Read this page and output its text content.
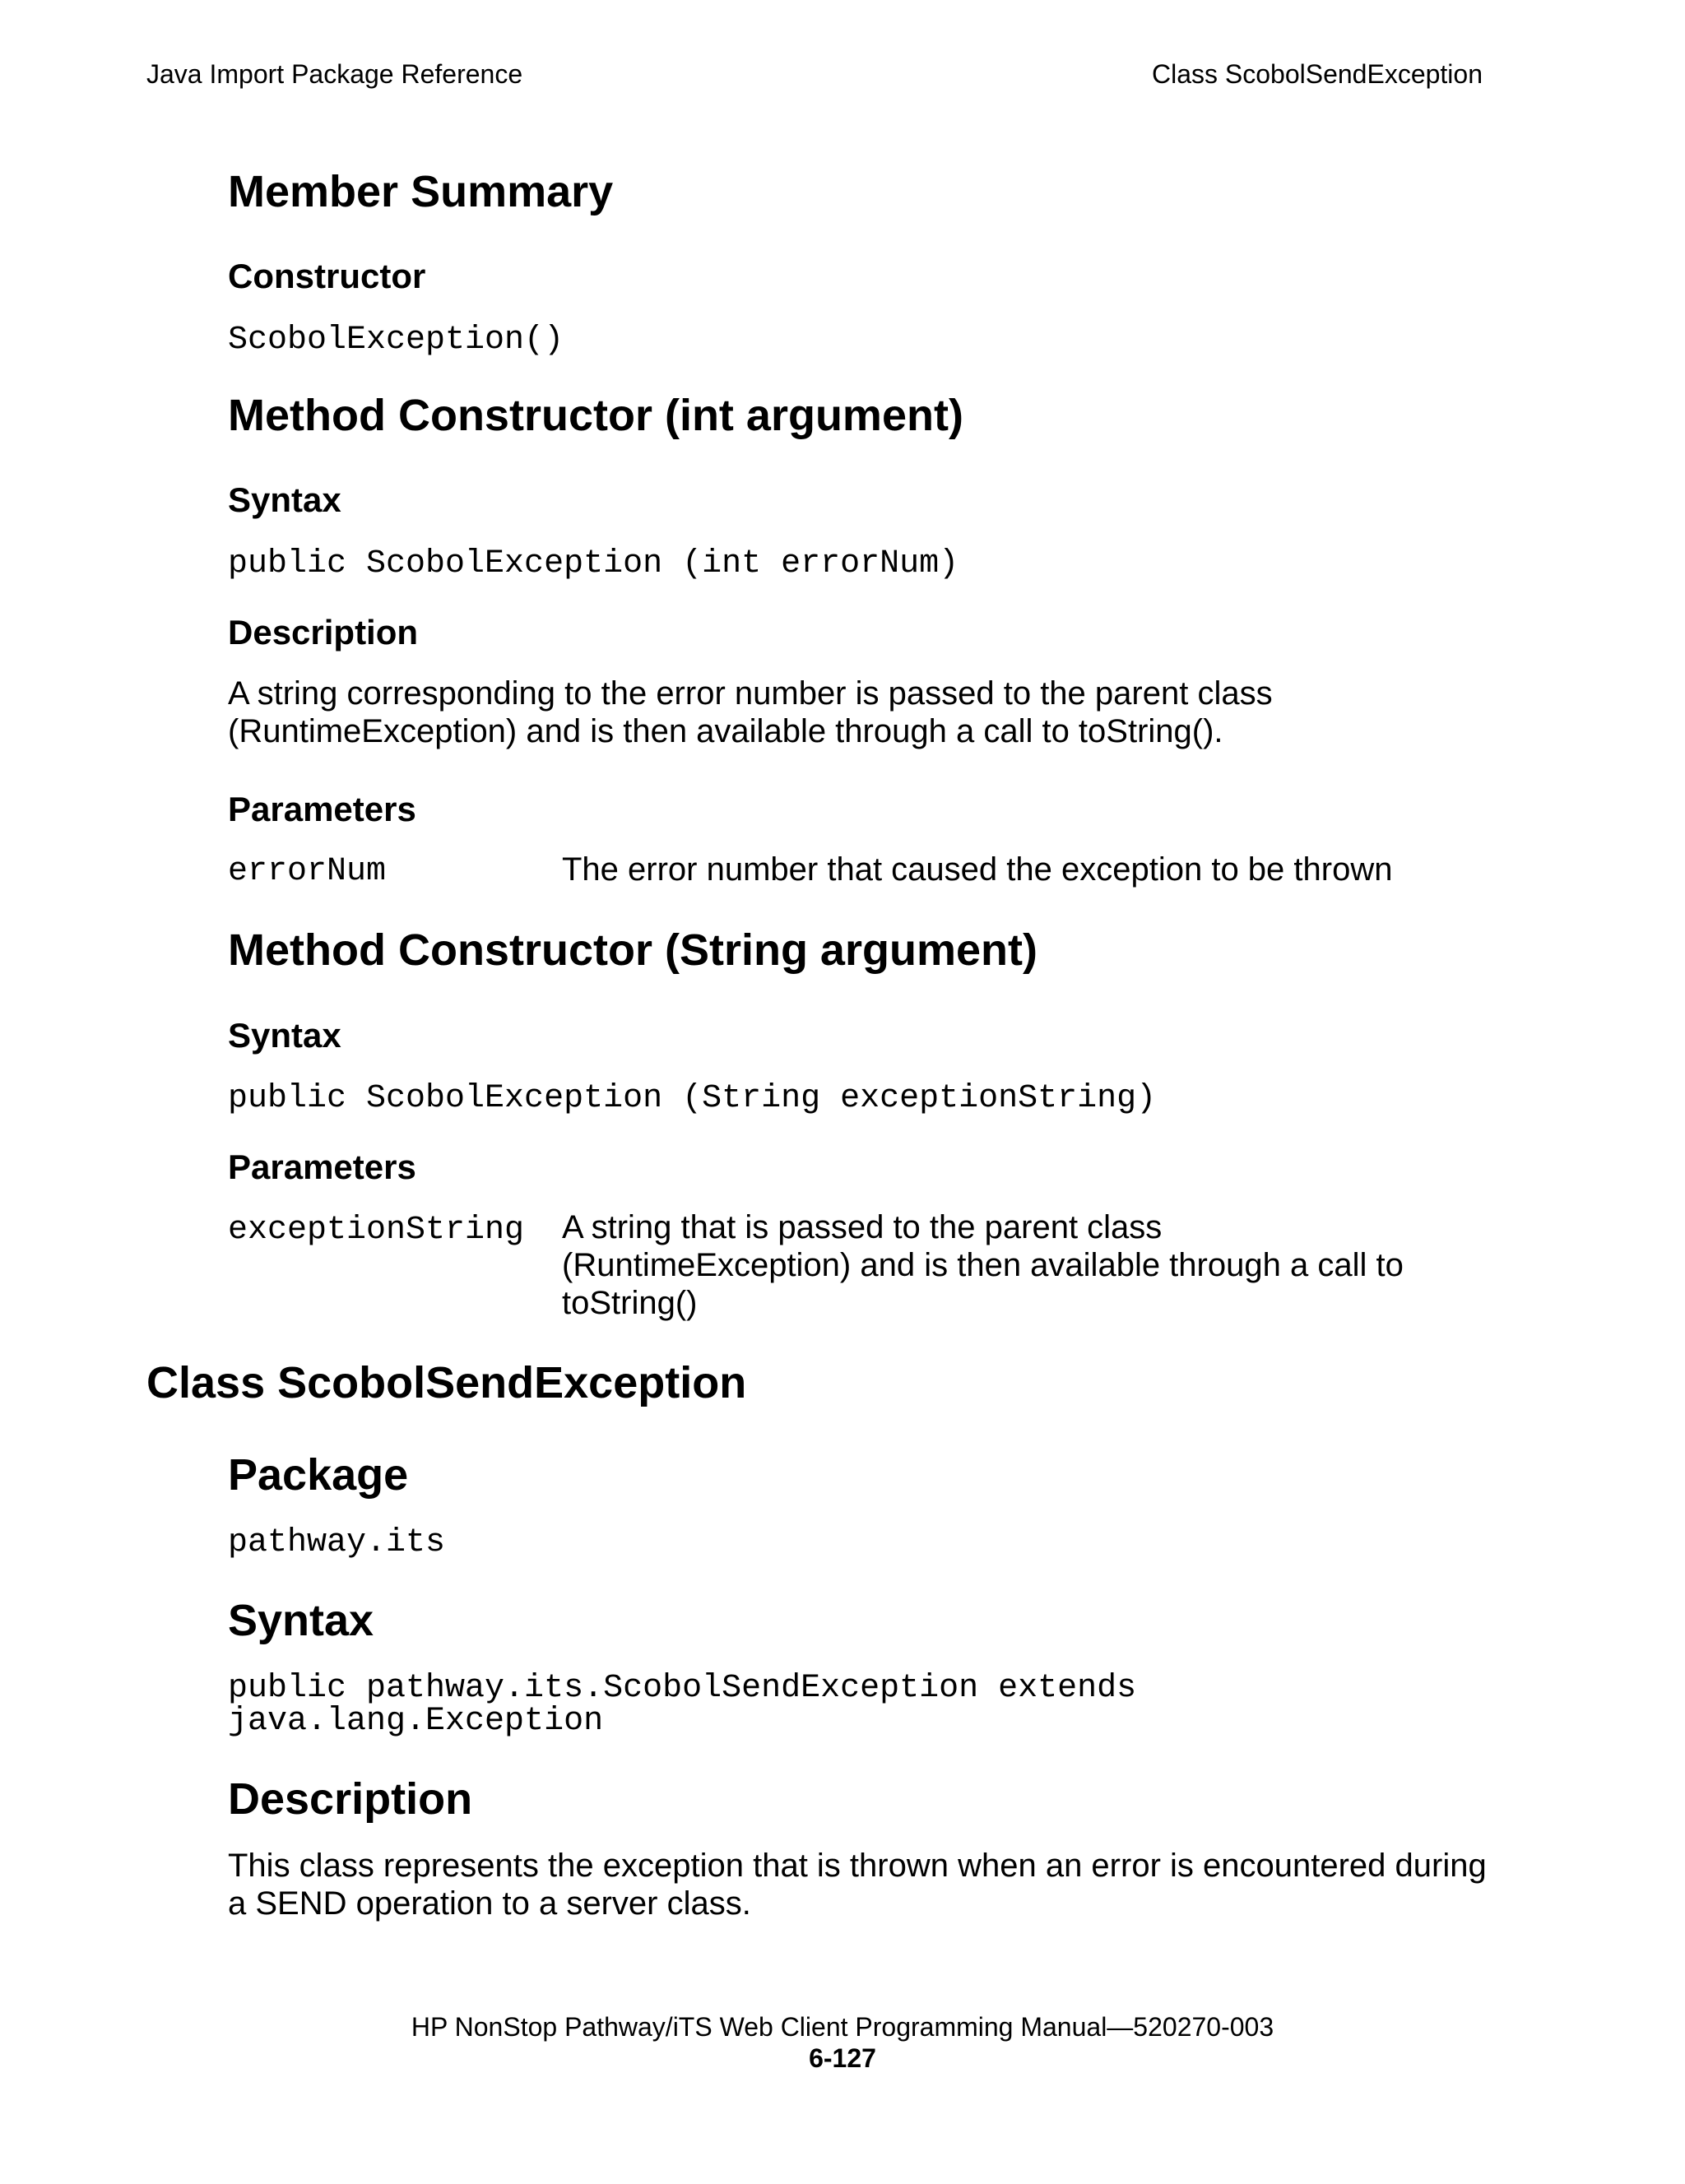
Java Import Package Reference	Class ScobolSendException

Member Summary
Constructor

ScobolException()

Method Constructor (int argument)
Syntax

public ScobolException (int errorNum)

Description

A string corresponding to the error number is passed to the parent class

(RuntimeException) and is then available through a call to toString().

Parameters

errorNum	The error number that caused the exception to be thrown

Method Constructor (String argument)
Syntax

public ScobolException (String exceptionString)

Parameters

exceptionString A string that is passed to the parent class

(RuntimeException) and is then available through a call to

toString()

Class ScobolSendException
Package

pathway.its

Syntax

public pathway.its.ScobolSendException extends

java.lang.Exception

Description

This class represents the exception that is thrown when an error is encountered during

a SEND operation to a server class.

HP NonStop Pathway/iTS Web Client Programming Manual—520270-003

6-127
